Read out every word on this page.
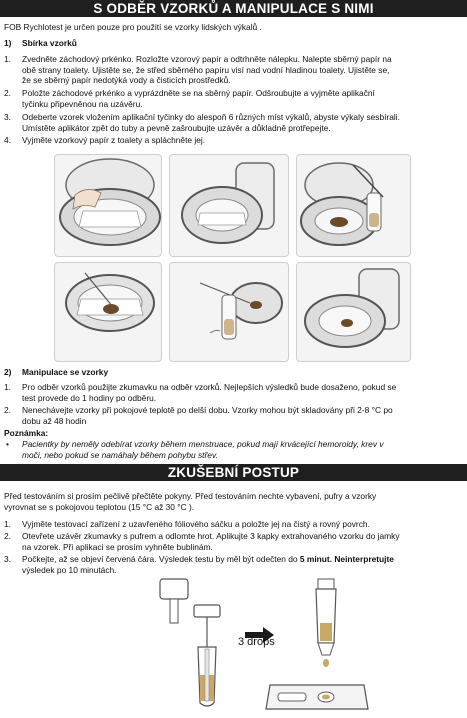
S ODBĚR VZORKŮ A MANIPULACE S NIMI
FOB Rychlotest je určen pouze pro použití se vzorky lidských výkalů .
1) Sbírka vzorků
1. Zvedněte záchodový prkénko. Rozložte vzorový papír a odtrhněte nálepku. Nalepte sběrný papír na
obě strany toalety. Ujistěte se, že střed sběrného papíru visí nad vodní hladinou toalety. Ujistěte se,
že se sběrný papír nedotýká vody a čisticích prostředků.
2. Položte záchodové prkénko a vyprázdněte se na sběrný papír. Odšroubujte a vyjměte aplikační
tyčinku připevněnou na uzávěru.
3. Odeberte vzorek vložením aplikační tyčinky do alespoň 6 různých míst výkalů, abyste výkaly sesbírali.
Umístěte aplikátor zpět do tuby a pevně zašroubujte uzávěr a důkladně protřepejte.
4. Vyjměte vzorkový papír z toalety a spláchněte jej.
2) Manipulace se vzorky
1. Pro odběr vzorků použijte zkumavku na odběr vzorků. Nejlepších výsledků bude dosaženo, pokud se
test provede do 1 hodiny po odběru.
2. Nenechávejte vzorky při pokojové teplotě po delší dobu. Vzorky mohou být skladovány při 2-8 °C po
dobu až 48 hodin
Poznámka:
• Pacientky by neměly odebírat vzorky během menstruace, pokud mají krvácející hemoroidy, krev v
moči, nebo pokud se namáhaly během pohybu střev.
ZKUŠEBNÍ POSTUP
Před testováním si prosím pečlivě přečtěte pokyny. Před testováním nechte vybavení, pufry a vzorky
vyrovnat se s pokojovou teplotou (15 °C až 30 °C ).
1. Vyjměte testovací zařízení z uzavřeného fóliového sáčku a položte jej na čistý a rovný povrch.
2. Otevřete uzávěr zkumavky s pufrem a odlomte hrot. Aplikujte 3 kapky extrahovaného vzorku do jamky
na vzorek. Při aplikaci se prosím vyhněte bublinám.
3. Počkejte, až se objeví červená čára. Výsledek testu by měl být odečten do 5 minut. Neinterpretujte
výsledek po 10 minutách.
3 drops
